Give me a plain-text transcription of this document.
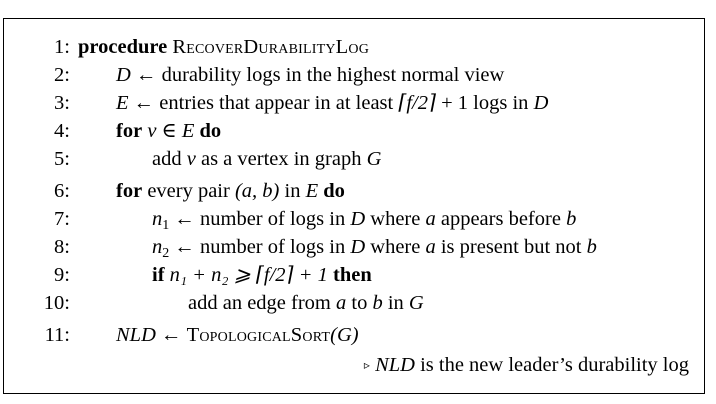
1: procedure RecoverDurabilityLog
2: D ← durability logs in the highest normal view
3: E ← entries that appear in at least ⌈f/2⌉ + 1 logs in D
4: for v ∈ E do
5:	add v as a vertex in graph G
6: for every pair (a, b) in E do
7:	n1 ← number of logs in D where a appears before b
8:	n2 ← number of logs in D where a is present but not b
9:	if n₁ + n₂ ⩾ ⌈f/2⌉ + 1 then
10:	add an edge from a to b in G
11: NLD ← TopologicalSort(G)
▹ NLD is the new leader’s durability log
